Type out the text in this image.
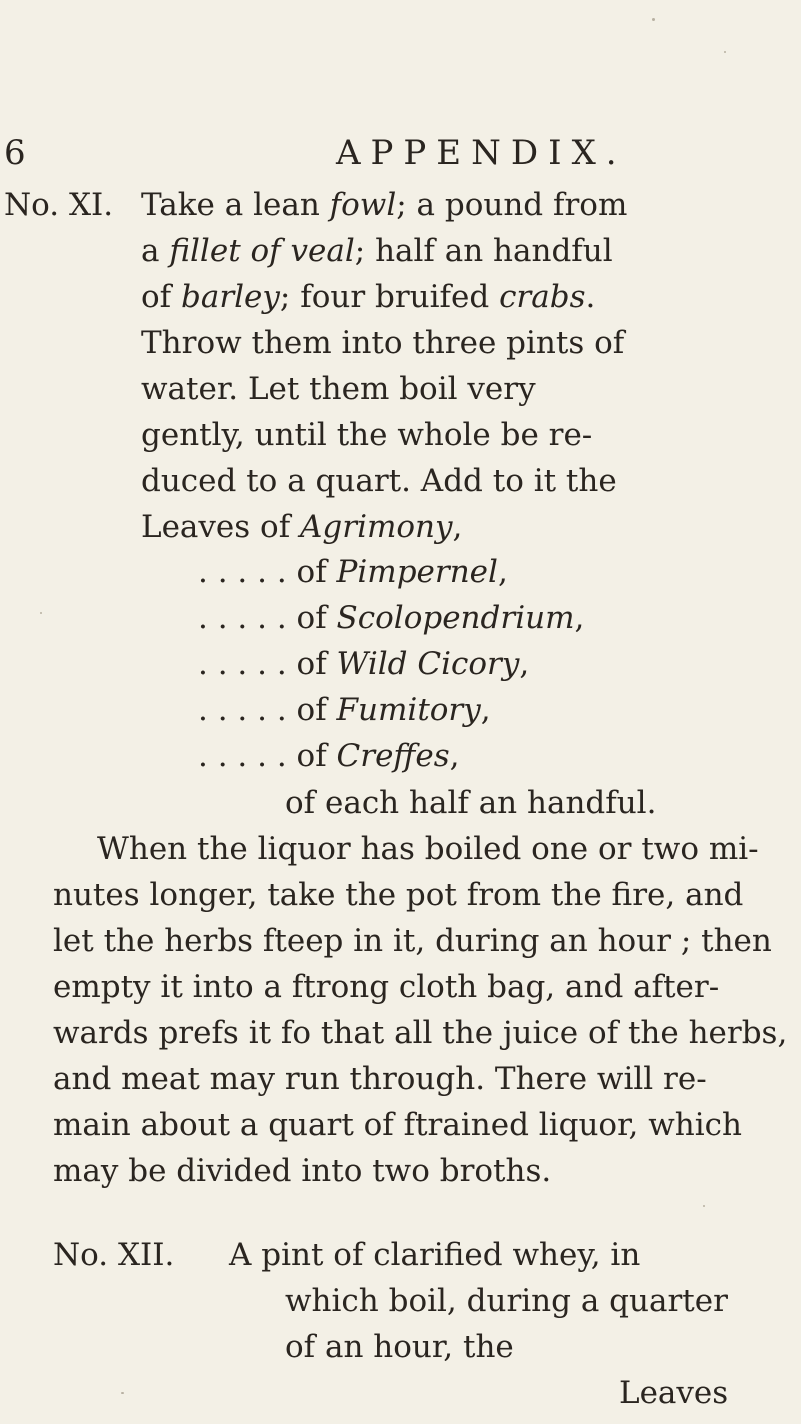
6	APPENDIX.
No. XI. Take a lean fowl; a pound from
a fillet of veal; half an handful
of barley; four bruifed crabs.
Throw them into three pints of
water. Let them boil very
gently, until the whole be re-
duced to a quart. Add to it the
Leaves of Agrimony,
. . . . . of Pimpernel,
. . . . . of Scolopendrium,
. . . . . of Wild Cicory,
. . . . . of Fumitory,
. . . . . of Creffes,
of each half an handful.
When the liquor has boiled one or two mi-
nutes longer, take the pot from the fire, and
let the herbs fteep in it, during an hour ; then
empty it into a ftrong cloth bag, and after-
wards prefs it fo that all the juice of the herbs,
and meat may run through. There will re-
main about a quart of ftrained liquor, which
may be divided into two broths.
No. XII. A pint of clarified whey, in
which boil, during a quarter
of an hour, the
Leaves
